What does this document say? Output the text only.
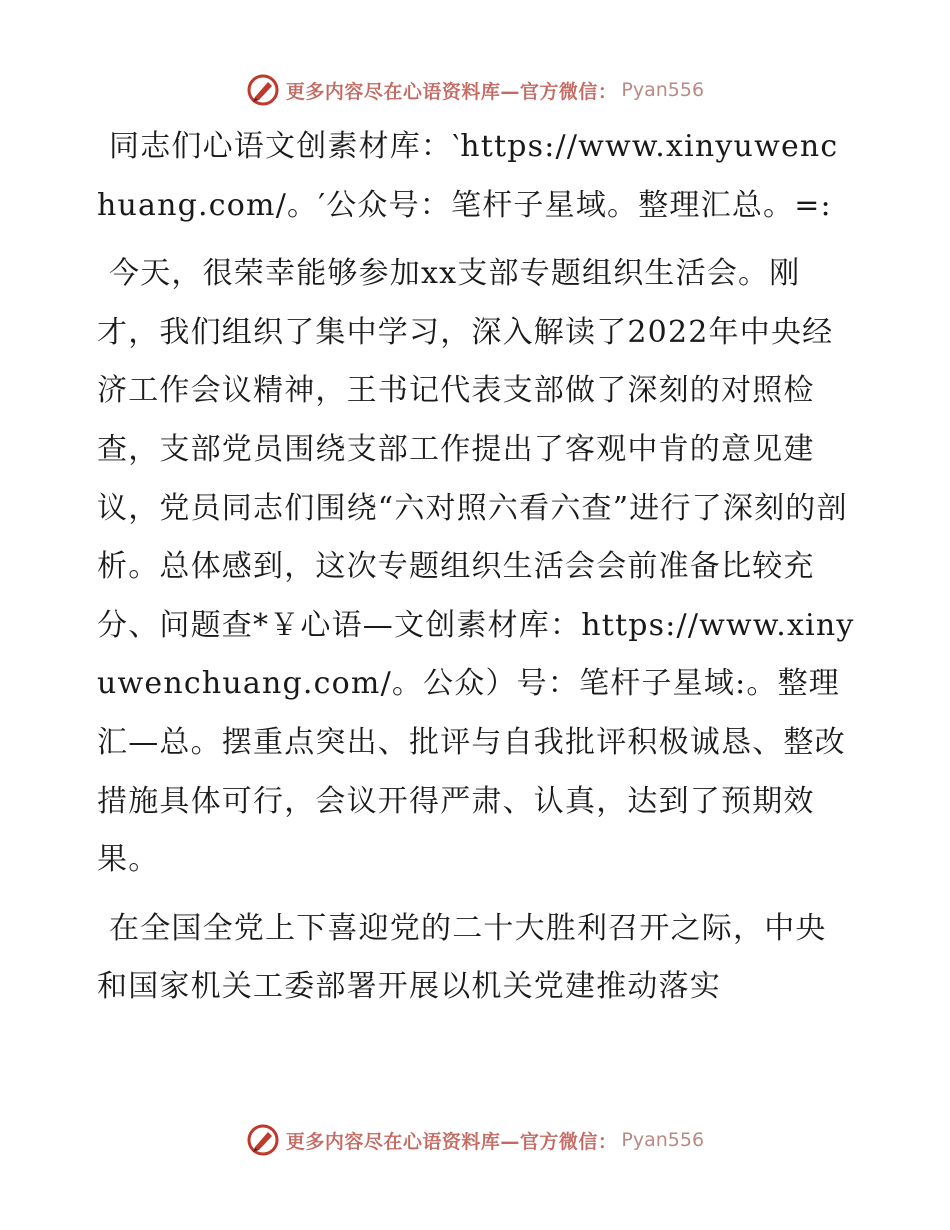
更多内容尽在心语资料库—官方微信： Pyan556

同志们心语文创素材库：‵https://www.xinyuwenchuang.com/。′公众号：笔杆子星域。整理汇总。=:

今天，很荣幸能够参加xx支部专题组织生活会。刚才，我们组织了集中学习，深入解读了2022年中央经济工作会议精神，王书记代表支部做了深刻的对照检查，支部党员围绕支部工作提出了客观中肯的意见建议，党员同志们围绕“六对照六看六查”进行了深刻的剖析。总体感到，这次专题组织生活会会前准备比较充分、问题查*￥心语—文创素材库：https://www.xinyuwenchuang.com/。公众）号：笔杆子星域:。整理汇—总。摆重点突出、批评与自我批评积极诚恳、整改措施具体可行，会议开得严肃、认真，达到了预期效果。

在全国全党上下喜迎党的二十大胜利召开之际，中央和国家机关工委部署开展以机关党建推动落实

更多内容尽在心语资料库—官方微信： Pyan556
